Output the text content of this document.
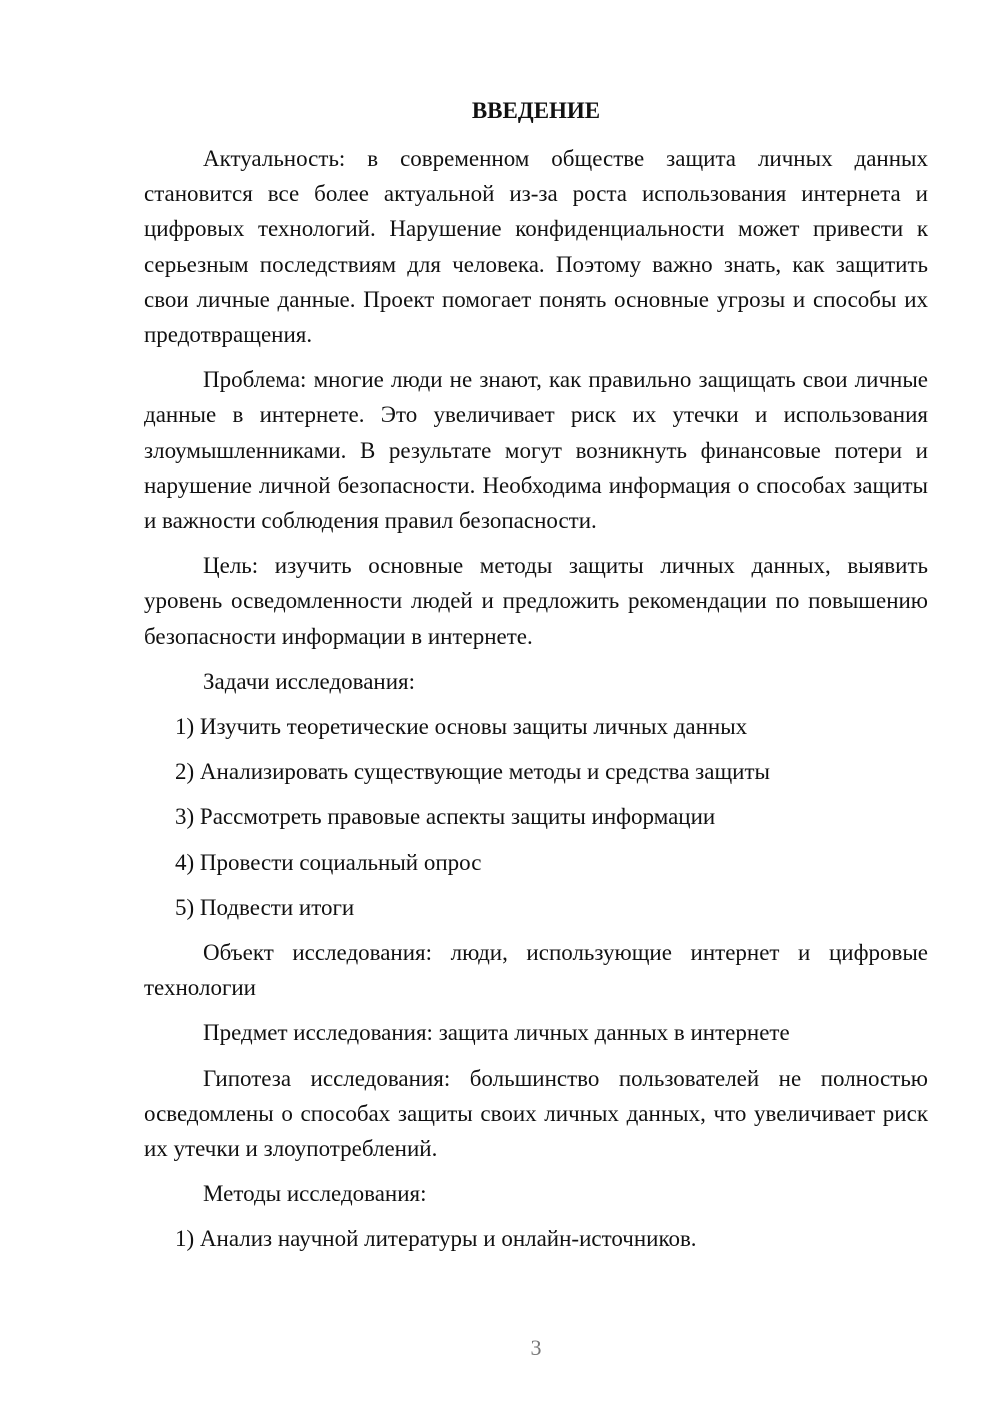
ВВЕДЕНИЕ

Актуальность: в современном обществе защита личных данных становится все более актуальной из-за роста использования интернета и цифровых технологий. Нарушение конфиденциальности может привести к серьезным последствиям для человека. Поэтому важно знать, как защитить свои личные данные. Проект помогает понять основные угрозы и способы их предотвращения.

Проблема: многие люди не знают, как правильно защищать свои личные данные в интернете. Это увеличивает риск их утечки и использования злоумышленниками. В результате могут возникнуть финансовые потери и нарушение личной безопасности. Необходима информация о способах защиты и важности соблюдения правил безопасности.

Цель: изучить основные методы защиты личных данных, выявить уровень осведомленности людей и предложить рекомендации по повышению безопасности информации в интернете.

Задачи исследования:

1) Изучить теоретические основы защиты личных данных

2) Анализировать существующие методы и средства защиты

3) Рассмотреть правовые аспекты защиты информации

4) Провести социальный опрос

5) Подвести итоги

Объект исследования: люди, использующие интернет и цифровые технологии

Предмет исследования: защита личных данных в интернете

Гипотеза исследования: большинство пользователей не полностью осведомлены о способах защиты своих личных данных, что увеличивает риск их утечки и злоупотреблений.

Методы исследования:

1) Анализ научной литературы и онлайн-источников.

3
